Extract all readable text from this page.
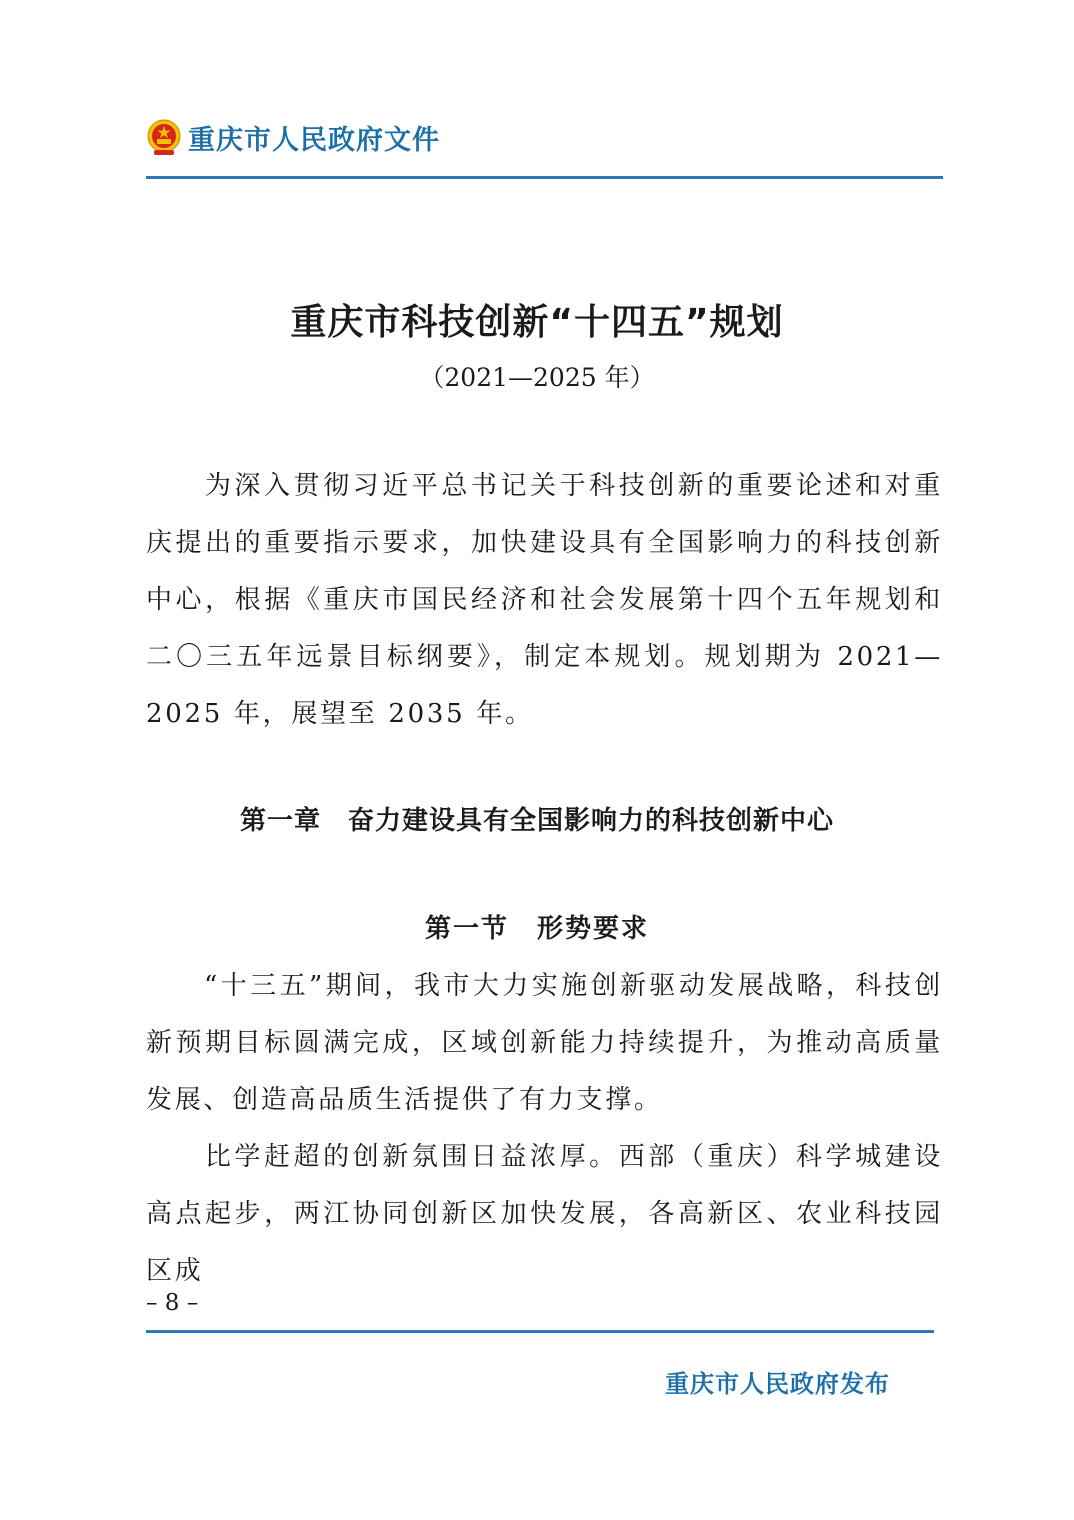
重庆市人民政府文件
重庆市科技创新“十四五”规划
（2021—2025 年）

为深入贯彻习近平总书记关于科技创新的重要论述和对重庆提出的重要指示要求，加快建设具有全国影响力的科技创新中心，根据《重庆市国民经济和社会发展第十四个五年规划和二〇三五年远景目标纲要》，制定本规划。规划期为 2021—2025 年，展望至 2035 年。

第一章　奋力建设具有全国影响力的科技创新中心
第一节　形势要求

“十三五”期间，我市大力实施创新驱动发展战略，科技创新预期目标圆满完成，区域创新能力持续提升，为推动高质量发展、创造高品质生活提供了有力支撑。

比学赶超的创新氛围日益浓厚。西部（重庆）科学城建设高点起步，两江协同创新区加快发展，各高新区、农业科技园区成

– 8 –
重庆市人民政府发布
